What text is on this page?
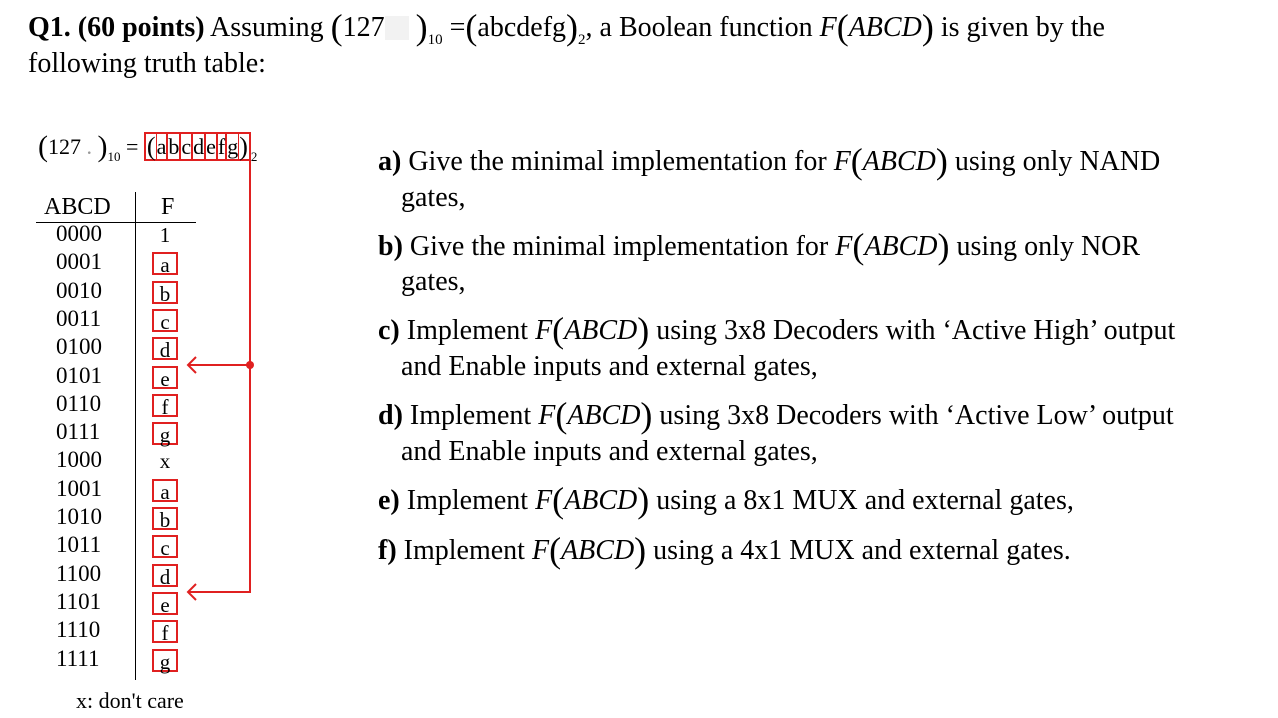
Q1. (60 points) Assuming (127 )$_{10}$ $=(abcdefg)_2$, a Boolean function F(ABCD) is given by the
following truth table:
(127 . )$_{10}$ = (abcdefg) $_2$
ABCD F
0000	1
0001	a
0010	b
0011	c
0100	d
0101	e
0110	f
0111	g
1000	x
1001	a
1010	b
1011	c
1100	d
1101	e
1110	f
1111	g
x: don't care
a) Give the minimal implementation for F(ABCD) using only NAND
gates,
b) Give the minimal implementation for F(ABCD) using only NOR
gates,
c) Implement F(ABCD) using 3x8 Decoders with ‘Active High’ output
and Enable inputs and external gates,
d) Implement F(ABCD) using 3x8 Decoders with ‘Active Low’ output
and Enable inputs and external gates,
e) Implement F(ABCD) using a 8x1 MUX and external gates,
f) Implement F(ABCD) using a 4x1 MUX and external gates.
